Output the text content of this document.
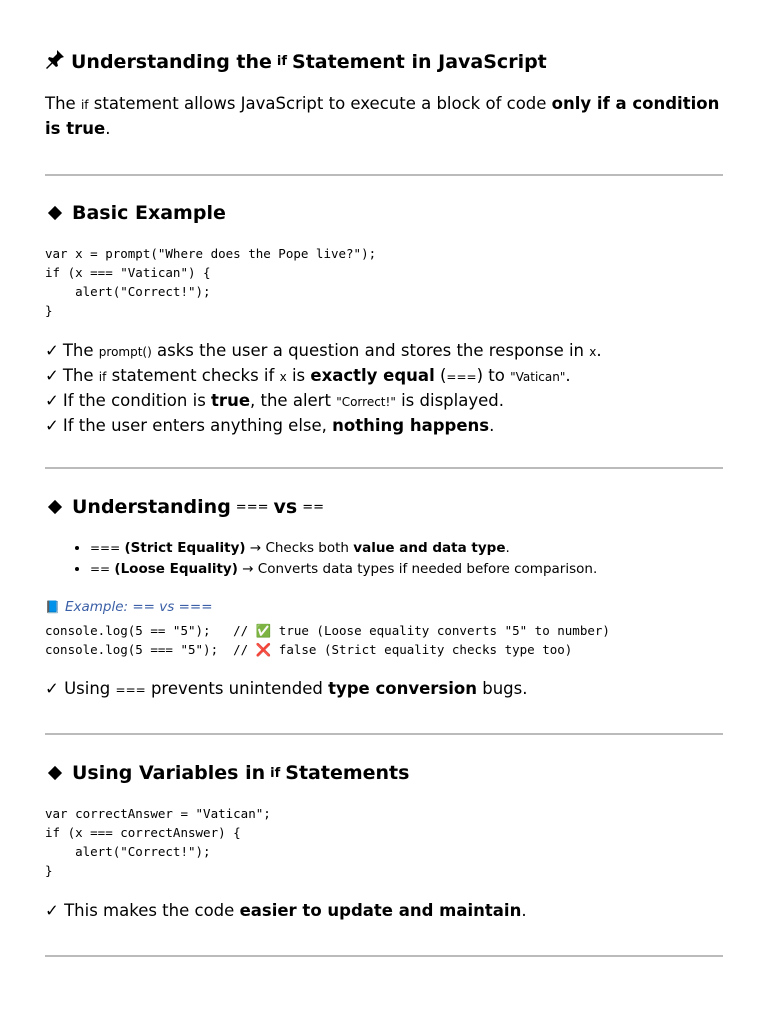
Understanding the if Statement in JavaScript

The if statement allows JavaScript to execute a block of code only if a condition is true.

Basic Example
var x = prompt("Where does the Pope live?");
if (x === "Vatican") {
alert("Correct!");
}
✓ The prompt() asks the user a question and stores the response in x.
✓ The if statement checks if x is exactly equal (===) to "Vatican".
✓ If the condition is true, the alert "Correct!" is displayed.
✓ If the user enters anything else, nothing happens.
Understanding === vs ==
• === (Strict Equality) → Checks both value and data type.
• == (Loose Equality) → Converts data types if needed before comparison.

📘 Example: == vs ===

console.log(5 == "5");   // ✅ true (Loose equality converts "5" to number)
console.log(5 === "5");  // ❌ false (Strict equality checks type too)

✓ Using === prevents unintended type conversion bugs.

Using Variables in if Statements
var correctAnswer = "Vatican";
if (x === correctAnswer) {
alert("Correct!");
}

✓ This makes the code easier to update and maintain.
